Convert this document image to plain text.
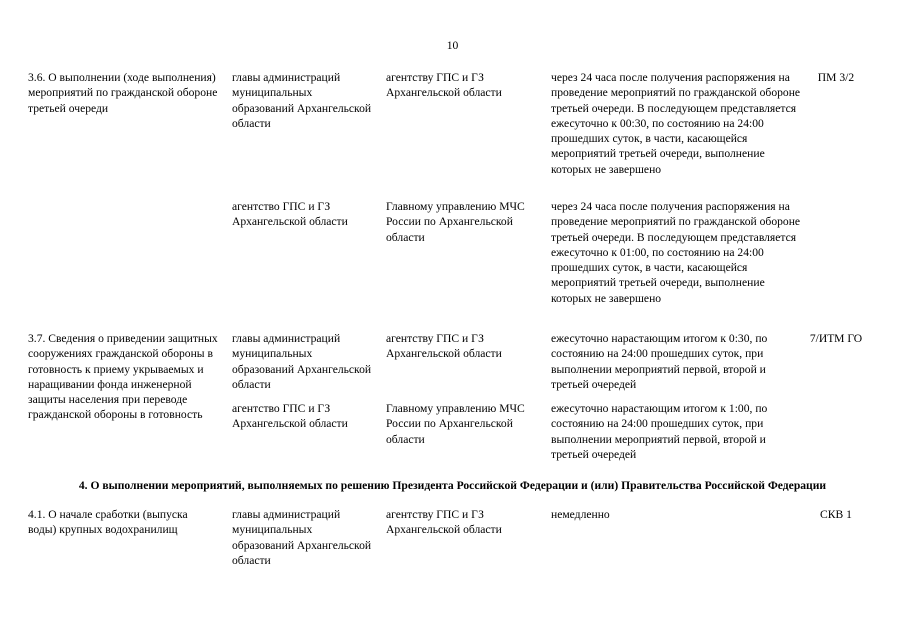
10
3.6. О выполнении (ходе выполнения) мероприятий по гражданской обороне третьей очереди
главы администраций муниципальных образований Архангельской области
агентству ГПС и ГЗ Архангельской области
через 24 часа после получения распоряжения на проведение мероприятий по гражданской обороне третьей очереди. В последующем представляется ежесуточно к 00:30, по состоянию на 24:00 прошедших суток, в части, касающейся мероприятий третьей очереди, выполнение которых не завершено
ПМ 3/2
агентство ГПС и ГЗ Архангельской области
Главному управлению МЧС России по Архангельской области
через 24 часа после получения распоряжения на проведение мероприятий по гражданской обороне третьей очереди. В последующем представляется ежесуточно к 01:00, по состоянию на 24:00 прошедших суток, в части, касающейся мероприятий третьей очереди, выполнение которых не завершено
3.7. Сведения о приведении защитных сооружениях гражданской обороны в готовность к приему укрываемых и наращивании фонда инженерной защиты населения при переводе гражданской обороны в готовность
главы администраций муниципальных образований Архангельской области
агентству ГПС и ГЗ Архангельской области
ежесуточно нарастающим итогом к 0:30, по состоянию на 24:00 прошедших суток, при выполнении мероприятий первой, второй и третьей очередей
7/ИТМ ГО
агентство ГПС и ГЗ Архангельской области
Главному управлению МЧС России по Архангельской области
ежесуточно нарастающим итогом к 1:00, по состоянию на 24:00 прошедших суток, при выполнении мероприятий первой, второй и третьей очередей
4. О выполнении мероприятий, выполняемых по решению Президента Российской Федерации и (или) Правительства Российской Федерации
4.1. О начале сработки (выпуска воды) крупных водохранилищ
главы администраций муниципальных образований Архангельской области
агентству ГПС и ГЗ Архангельской области
немедленно	СКВ 1
